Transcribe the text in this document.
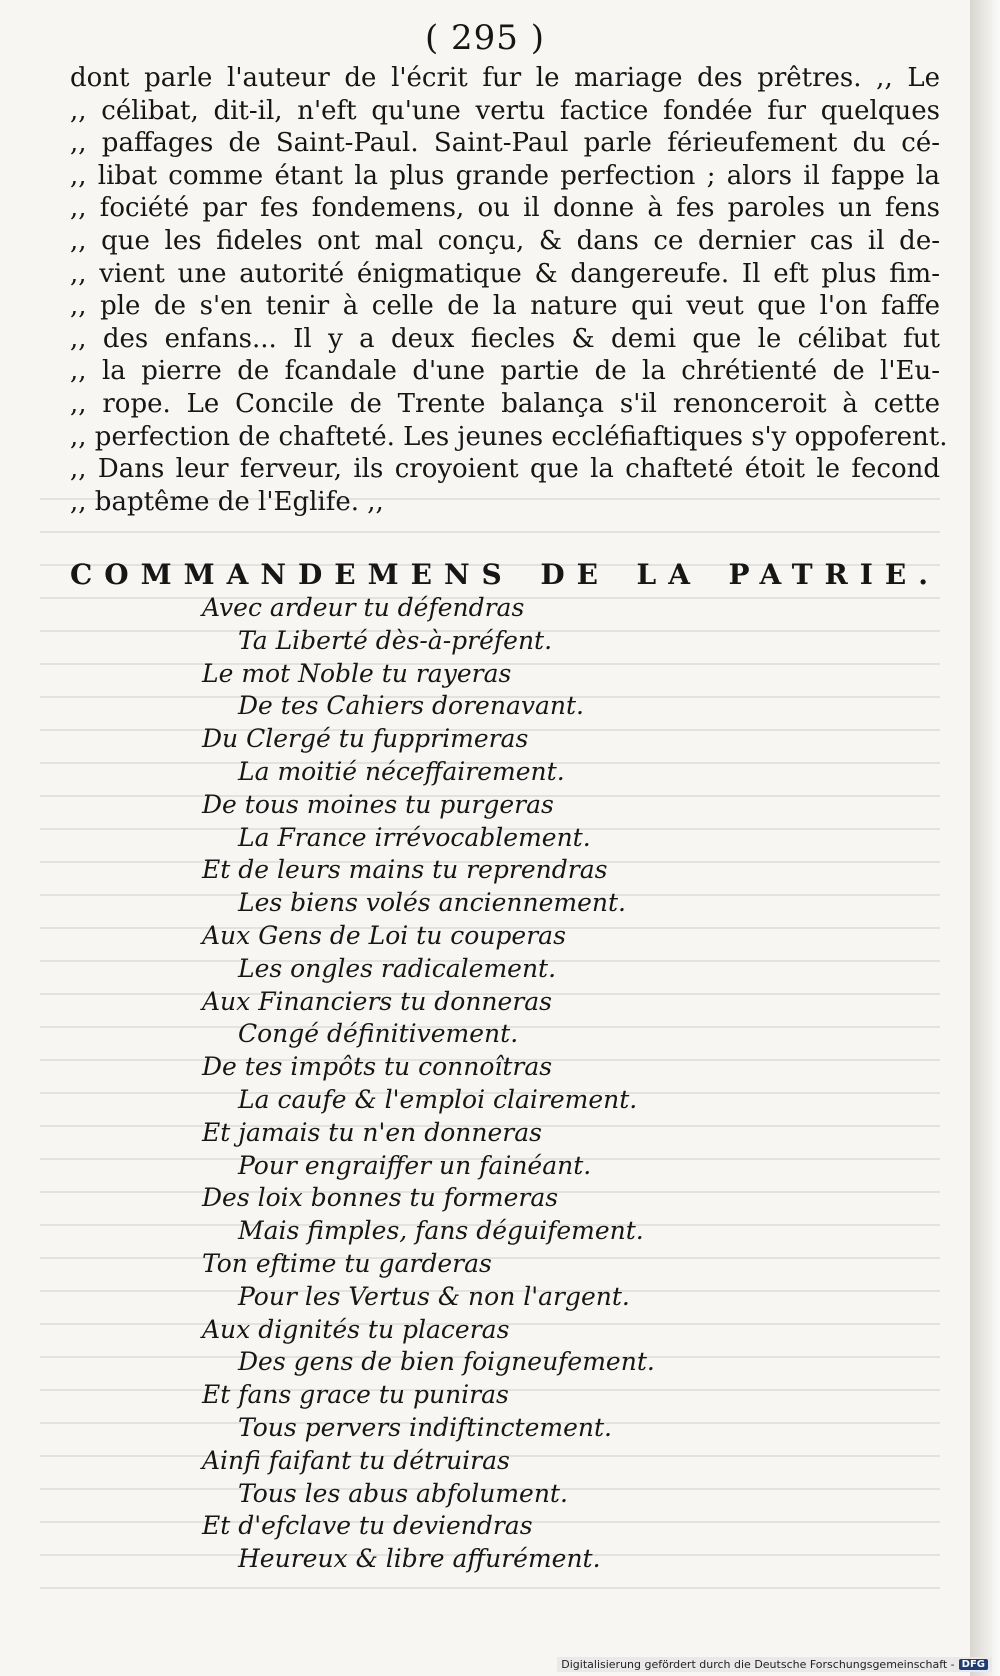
( 295 )
dont parle l'auteur de l'écrit fur le mariage des prêtres. ,, Le
,, célibat, dit-il, n'eft qu'une vertu factice fondée fur quelques
,, paffages de Saint-Paul. Saint-Paul parle férieufement du cé-
,, libat comme étant la plus grande perfection ; alors il fappe la
,, fociété par fes fondemens, ou il donne à fes paroles un fens
,, que les fideles ont mal conçu, & dans ce dernier cas il de-
,, vient une autorité énigmatique & dangereufe. Il eft plus fim-
,, ple de s'en tenir à celle de la nature qui veut que l'on faffe
,, des enfans... Il y a deux fiecles & demi que le célibat fut
,, la pierre de fcandale d'une partie de la chrétienté de l'Eu-
,, rope. Le Concile de Trente balança s'il renonceroit à cette
,, perfection de chafteté. Les jeunes eccléfiaftiques s'y oppoferent.
,, Dans leur ferveur, ils croyoient que la chafteté étoit le fecond
,, baptême de l'Eglife. ,,
COMMANDEMENS DE LA PATRIE.
Avec ardeur tu défendras
Ta Liberté dès-à-préfent.
Le mot Noble tu rayeras
De tes Cahiers dorenavant.
Du Clergé tu fupprimeras
La moitié néceffairement.
De tous moines tu purgeras
La France irrévocablement.
Et de leurs mains tu reprendras
Les biens volés anciennement.
Aux Gens de Loi tu couperas
Les ongles radicalement.
Aux Financiers tu donneras
Congé définitivement.
De tes impôts tu connoîtras
La caufe & l'emploi clairement.
Et jamais tu n'en donneras
Pour engraiffer un fainéant.
Des loix bonnes tu formeras
Mais fimples, fans déguifement.
Ton eftime tu garderas
Pour les Vertus & non l'argent.
Aux dignités tu placeras
Des gens de bien foigneufement.
Et fans grace tu puniras
Tous pervers indiftinctement.
Ainfi faifant tu détruiras
Tous les abus abfolument.
Et d'efclave tu deviendras
Heureux & libre affurément.
Digitalisierung gefördert durch die Deutsche Forschungsgemeinschaft - DFG
